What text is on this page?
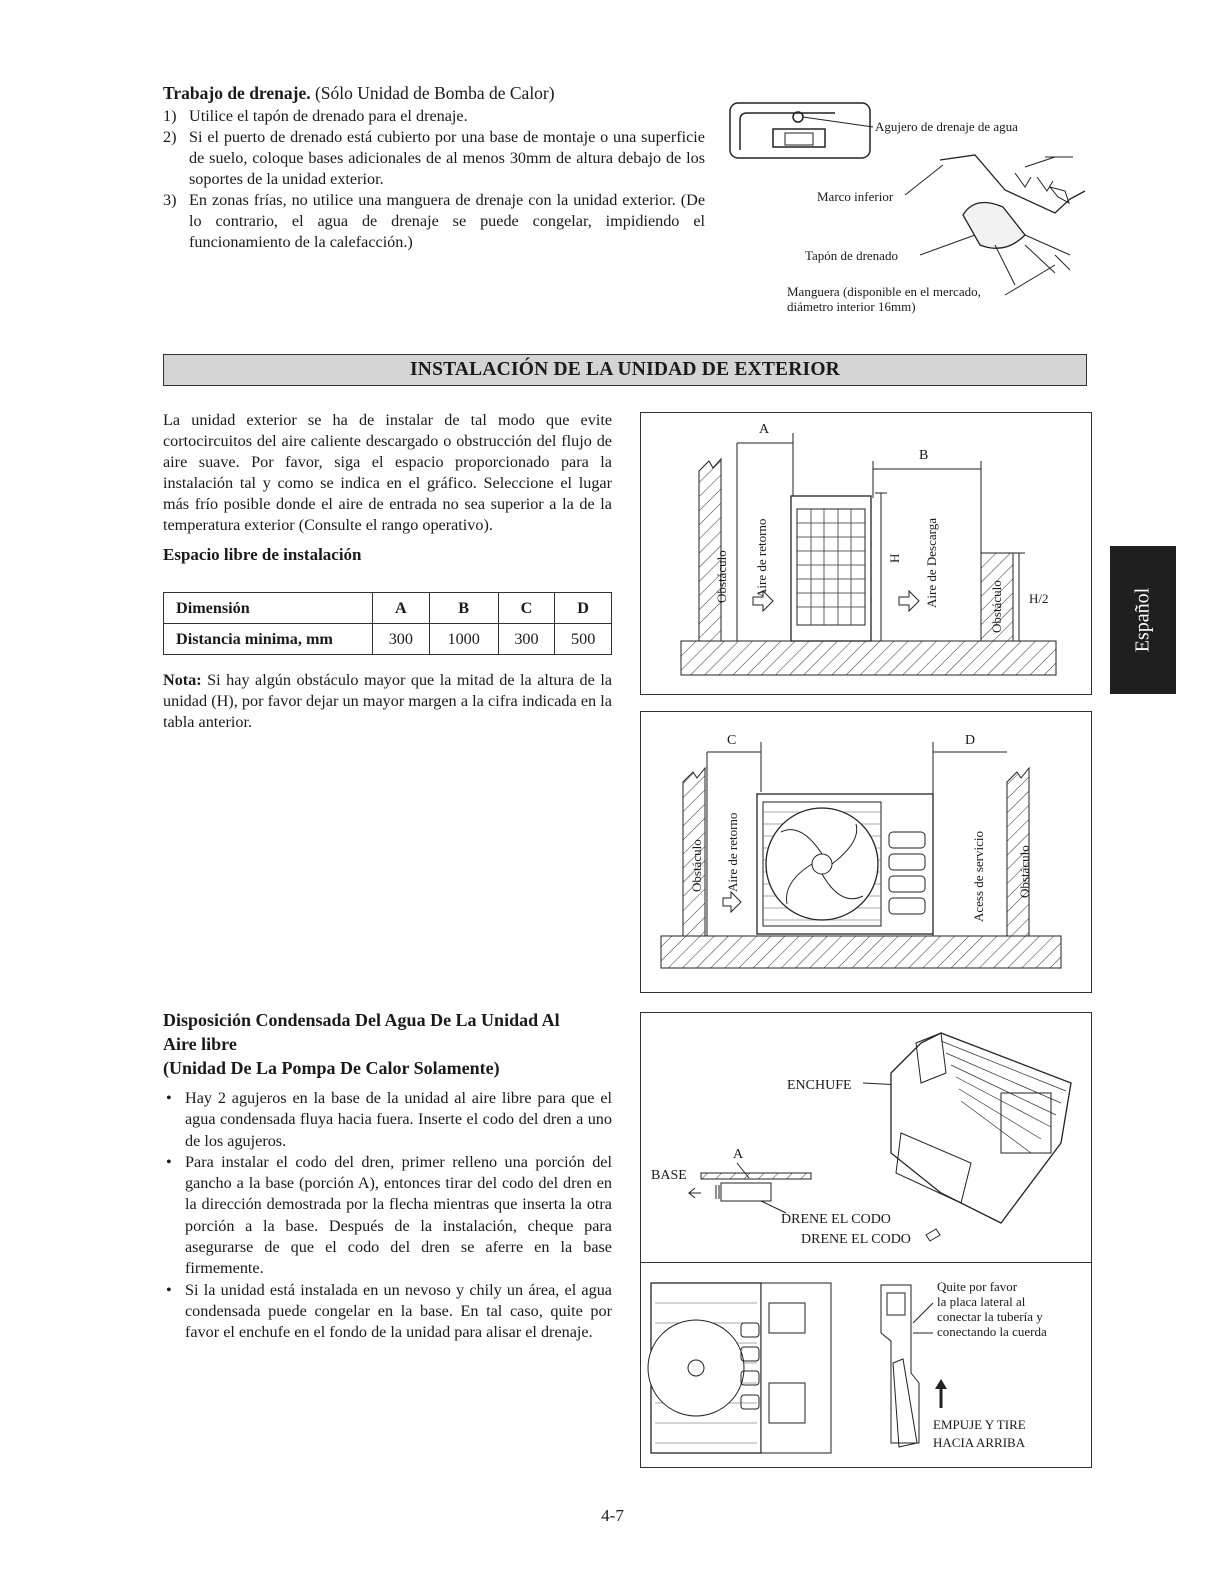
Trabajo de drenaje. (Sólo Unidad de Bomba de Calor)

1) Utilice el tapón de drenado para el drenaje.
2) Si el puerto de drenado está cubierto por una base de montaje o una superficie de suelo, coloque bases adicionales de al menos 30mm de altura debajo de los soportes de la unidad exterior.
3) En zonas frías, no utilice una manguera de drenaje con la unidad exterior. (De lo contrario, el agua de drenaje se puede congelar, impidiendo el funcionamiento de la calefacción.)
Agujero de drenaje de agua
Marco inferior
Tapón de drenado
Manguera (disponible en el mercado,
diámetro interior 16mm)
INSTALACIÓN DE LA UNIDAD DE EXTERIOR

La unidad exterior se ha de instalar de tal modo que evite cortocircuitos del aire caliente descargado o obstrucción del flujo de aire suave. Por favor, siga el espacio proporcionado para la instalación tal y como se indica en el gráfico. Seleccione el lugar más frío posible donde el aire de entrada no sea superior a la de la temperatura exterior (Consulte el rango operativo).

Espacio libre de instalación

Dimensión	A	B	C	D
Distancia minima, mm	300	1000	300	500

Nota: Si hay algún obstáculo mayor que la mitad de la altura de la unidad (H), por favor dejar un mayor margen a la cifra indicada en la tabla anterior.

A
H
B
H/2
Obstáculo Aire de retorno	Aire de Descarga	Obstáculo
C	D
Obstáculo Aire de retorno	Acess de servicio Obstáculo

Disposición Condensada Del Agua De La Unidad Al

Aire libre

(Unidad De La Pompa De Calor Solamente)

• Hay 2 agujeros en la base de la unidad al aire libre para que el agua condensada fluya hacia fuera. Inserte el codo del dren a uno de los agujeros.
• Para instalar el codo del dren, primer relleno una porción del gancho a la base (porción A), entonces tirar del codo del dren en la dirección demostrada por la flecha mientras que inserta la otra porción a la base. Después de la instalación, cheque para asegurarse de que el codo del dren se aferre en la base firmemente.
• Si la unidad está instalada en un nevoso y chily un área, el agua condensada puede congelar en la base. En tal caso, quite por favor el enchufe en el fondo de la unidad para alisar el drenaje.
ENCHUFE
A
BASE
DRENE EL CODO
DRENE EL CODO
Quite por favor
la placa lateral al
conectar la tubería y
conectando la cuerda
EMPUJE Y TIRE
HACIA ARRIBA
Español
4-7
